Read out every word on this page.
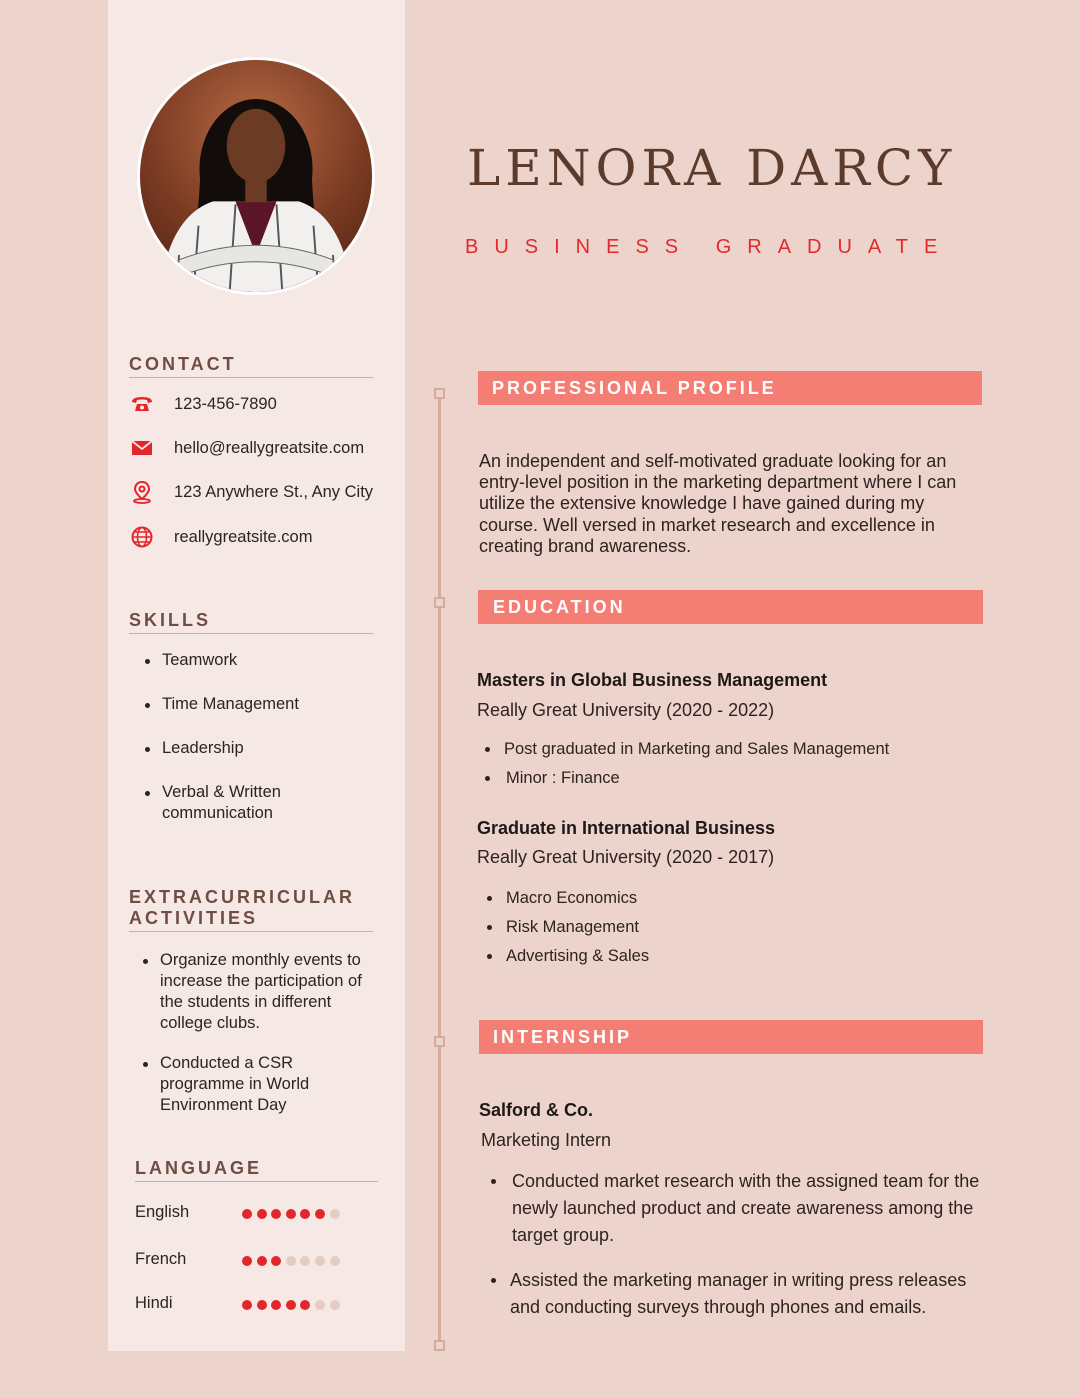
CONTACT
123-456-7890
hello@reallygreatsite.com
123 Anywhere St., Any City
reallygreatsite.com
SKILLS
Teamwork
Time Management
Leadership
Verbal & Written communication
EXTRACURRICULAR
ACTIVITIES
Organize monthly events to increase the participation of the students in different college clubs.
Conducted a CSR programme in World Environment Day
LANGUAGE
English
French
Hindi
LENORA DARCY
BUSINESS GRADUATE
PROFESSIONAL PROFILE
An independent and self-motivated graduate looking for an entry-level position in the marketing department where I can utilize the extensive knowledge I have gained during my course. Well versed in market research and excellence in creating brand awareness.
EDUCATION
Masters in Global Business Management
Really Great University (2020 - 2022)
Post graduated in Marketing and Sales Management
Minor : Finance
Graduate in International Business
Really Great University (2020 - 2017)
Macro Economics
Risk Management
Advertising & Sales
INTERNSHIP
Salford & Co.
Marketing Intern
Conducted market research with the assigned team for the newly launched product and create awareness among the target group.
Assisted the marketing manager in writing press releases and conducting surveys through phones and emails.
